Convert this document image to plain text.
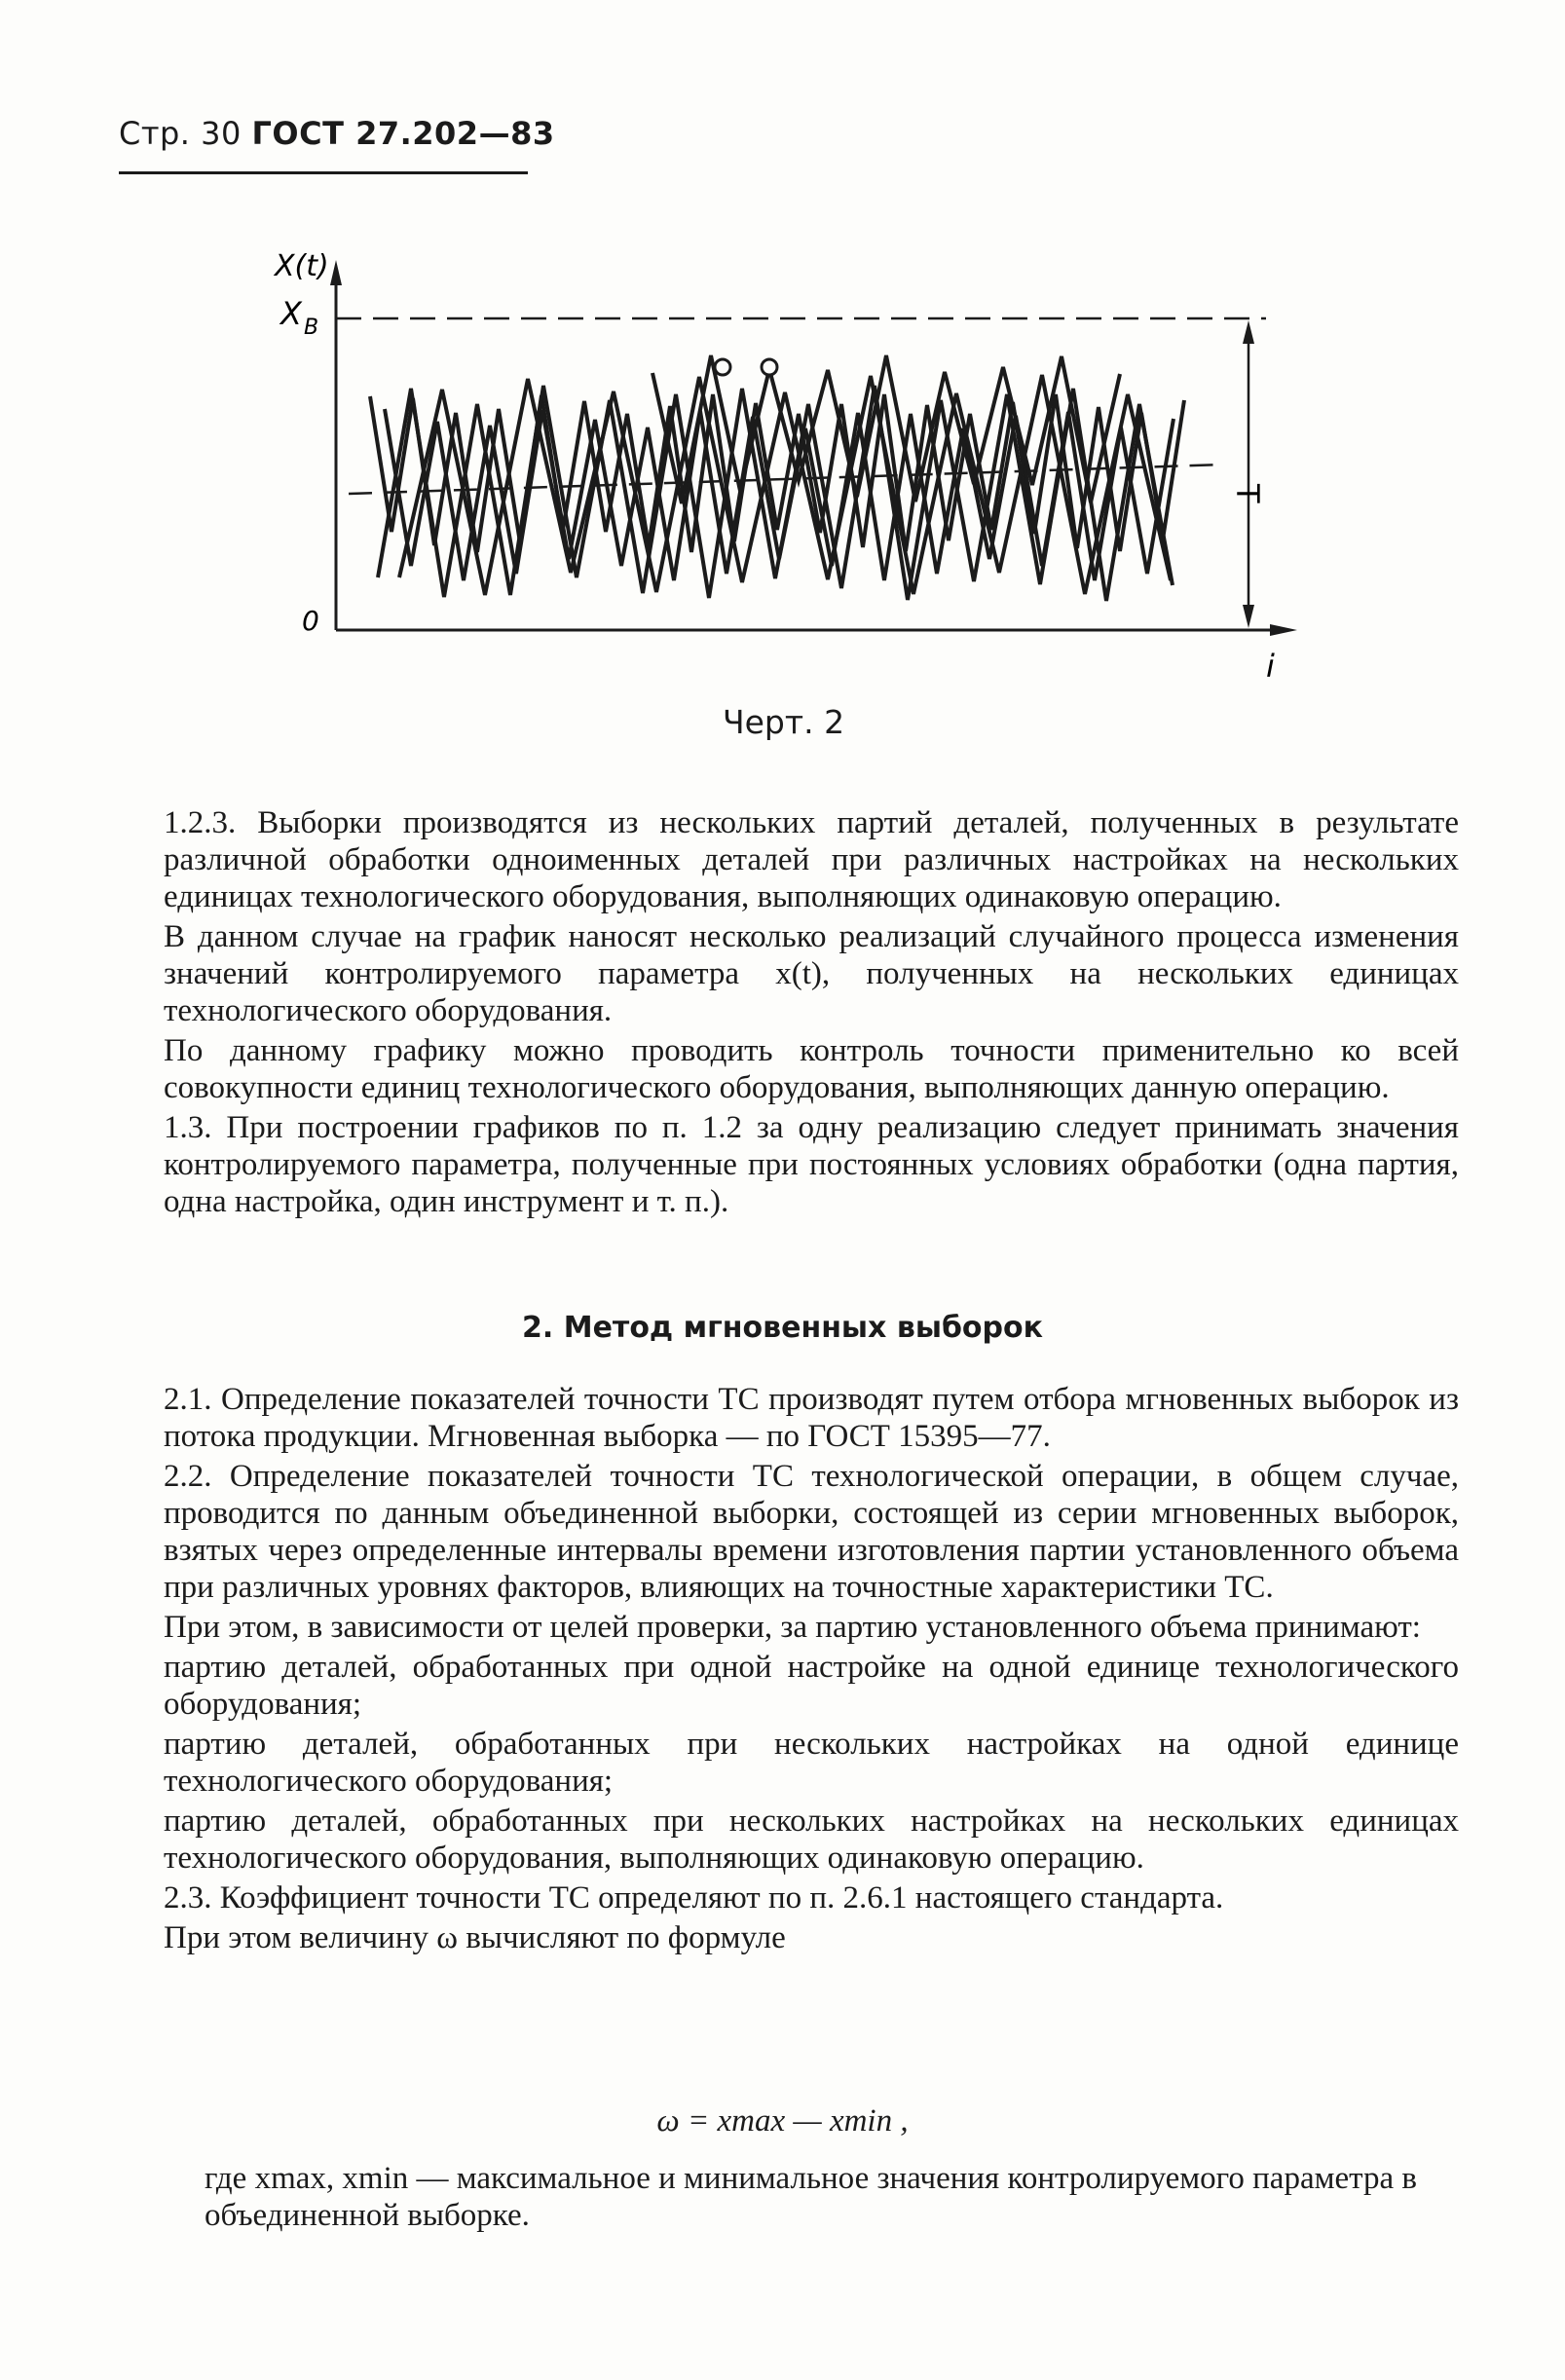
Стр. 30 ГОСТ 27.202—83
X(t)
X B
0
i
T
Черт. 2

1.2.3. Выборки производятся из нескольких партий деталей, полученных в результате различной обработки одноименных деталей при различных настройках на нескольких единицах технологического оборудования, выполняющих одинаковую операцию.

В данном случае на график наносят несколько реализаций случайного процесса изменения значений контролируемого параметра x(t), полученных на нескольких единицах технологического оборудования.

По данному графику можно проводить контроль точности применительно ко всей совокупности единиц технологического оборудования, выполняющих данную операцию.

1.3. При построении графиков по п. 1.2 за одну реализацию следует принимать значения контролируемого параметра, полученные при постоянных условиях обработки (одна партия, одна настройка, один инструмент и т. п.).

2. Метод мгновенных выборок

2.1. Определение показателей точности ТС производят путем отбора мгновенных выборок из потока продукции. Мгновенная выборка — по ГОСТ 15395—77.

2.2. Определение показателей точности ТС технологической операции, в общем случае, проводится по данным объединенной выборки, состоящей из серии мгновенных выборок, взятых через определенные интервалы времени изготовления партии установленного объема при различных уровнях факторов, влияющих на точностные характеристики ТС.

При этом, в зависимости от целей проверки, за партию установленного объема принимают:

партию деталей, обработанных при одной настройке на одной единице технологического оборудования;

партию деталей, обработанных при нескольких настройках на одной единице технологического оборудования;

партию деталей, обработанных при нескольких настройках на нескольких единицах технологического оборудования, выполняющих одинаковую операцию.

2.3. Коэффициент точности ТС определяют по п. 2.6.1 настоящего стандарта.

При этом величину ω вычисляют по формуле

ω = xmax — xmin ,
где xmax, xmin — максимальное и минимальное значения контролируемого параметра в объединенной выборке.
